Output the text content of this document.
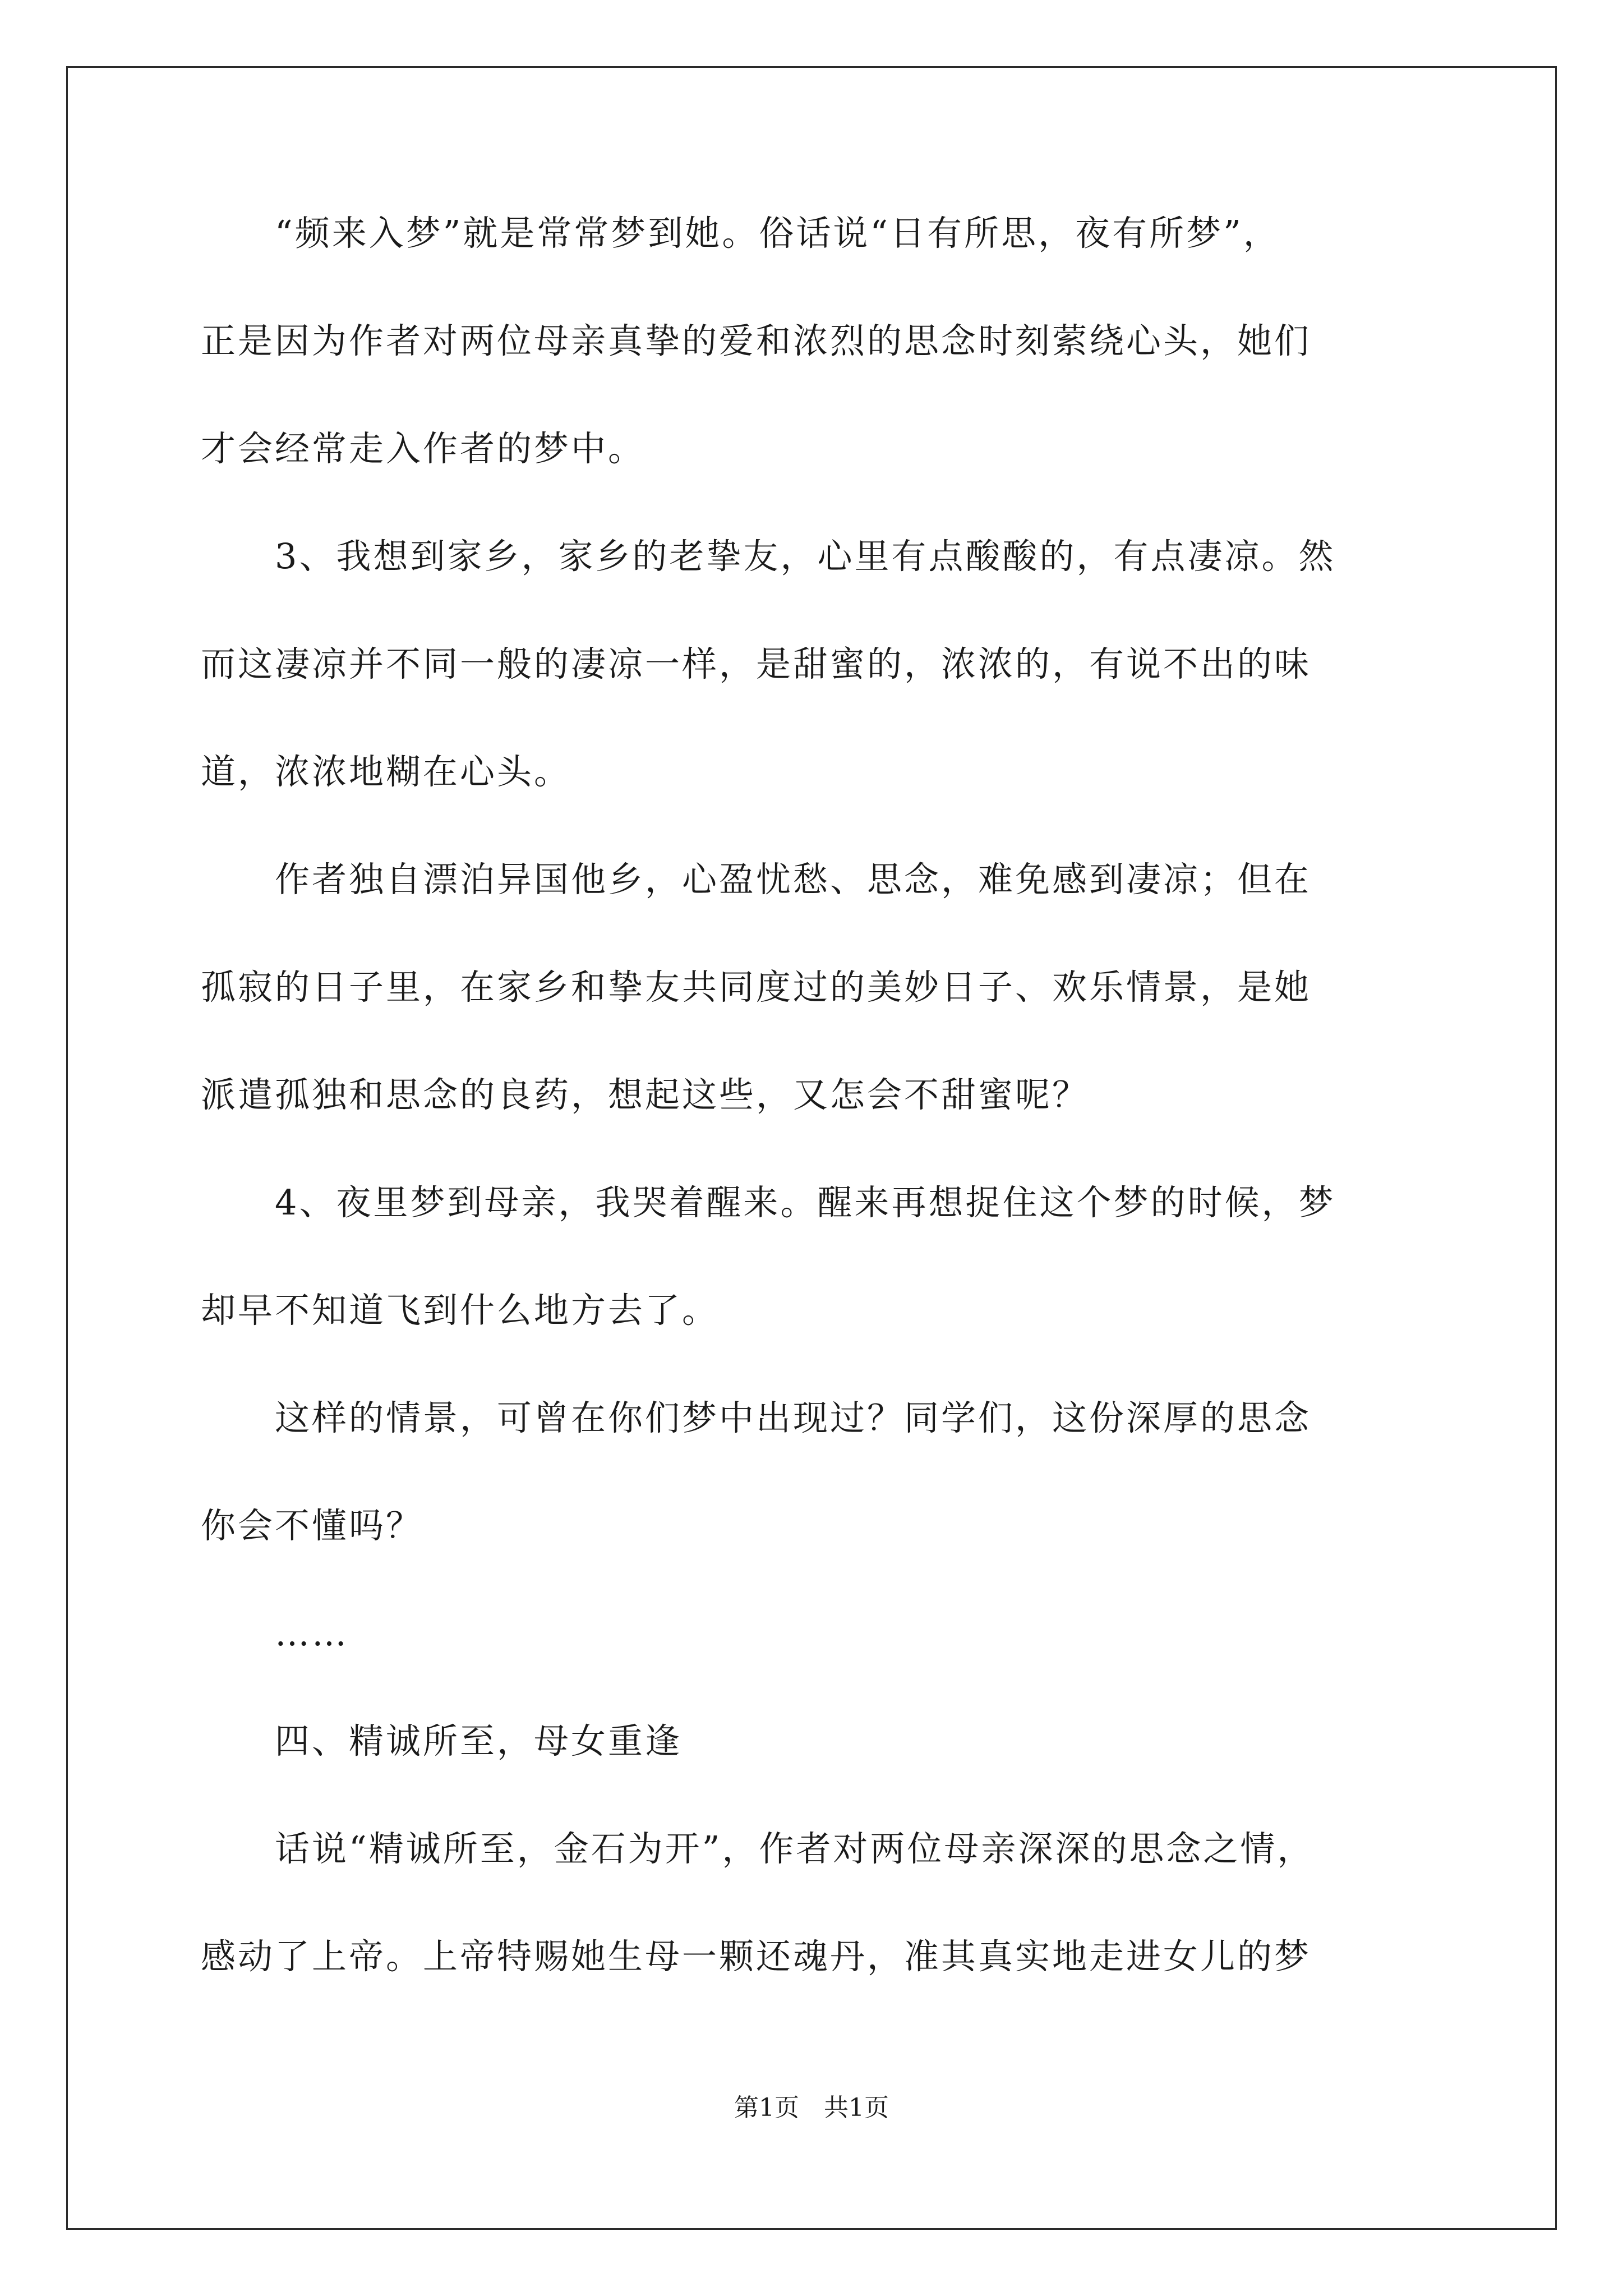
　　“频来入梦”就是常常梦到她。俗话说“日有所思，夜有所梦”，
正是因为作者对两位母亲真挚的爱和浓烈的思念时刻萦绕心头，她们
才会经常走入作者的梦中。
　　3、我想到家乡，家乡的老挚友，心里有点酸酸的，有点凄凉。然
而这凄凉并不同一般的凄凉一样，是甜蜜的，浓浓的，有说不出的味
道，浓浓地糊在心头。
　　作者独自漂泊异国他乡，心盈忧愁、思念，难免感到凄凉；但在
孤寂的日子里，在家乡和挚友共同度过的美妙日子、欢乐情景，是她
派遣孤独和思念的良药，想起这些，又怎会不甜蜜呢？
　　4、夜里梦到母亲，我哭着醒来。醒来再想捉住这个梦的时候，梦
却早不知道飞到什么地方去了。
　　这样的情景，可曾在你们梦中出现过？同学们，这份深厚的思念
你会不懂吗？
　　……
　　四、精诚所至，母女重逢
　　话说“精诚所至，金石为开”，作者对两位母亲深深的思念之情，
感动了上帝。上帝特赐她生母一颗还魂丹，准其真实地走进女儿的梦
第1页　共1页
